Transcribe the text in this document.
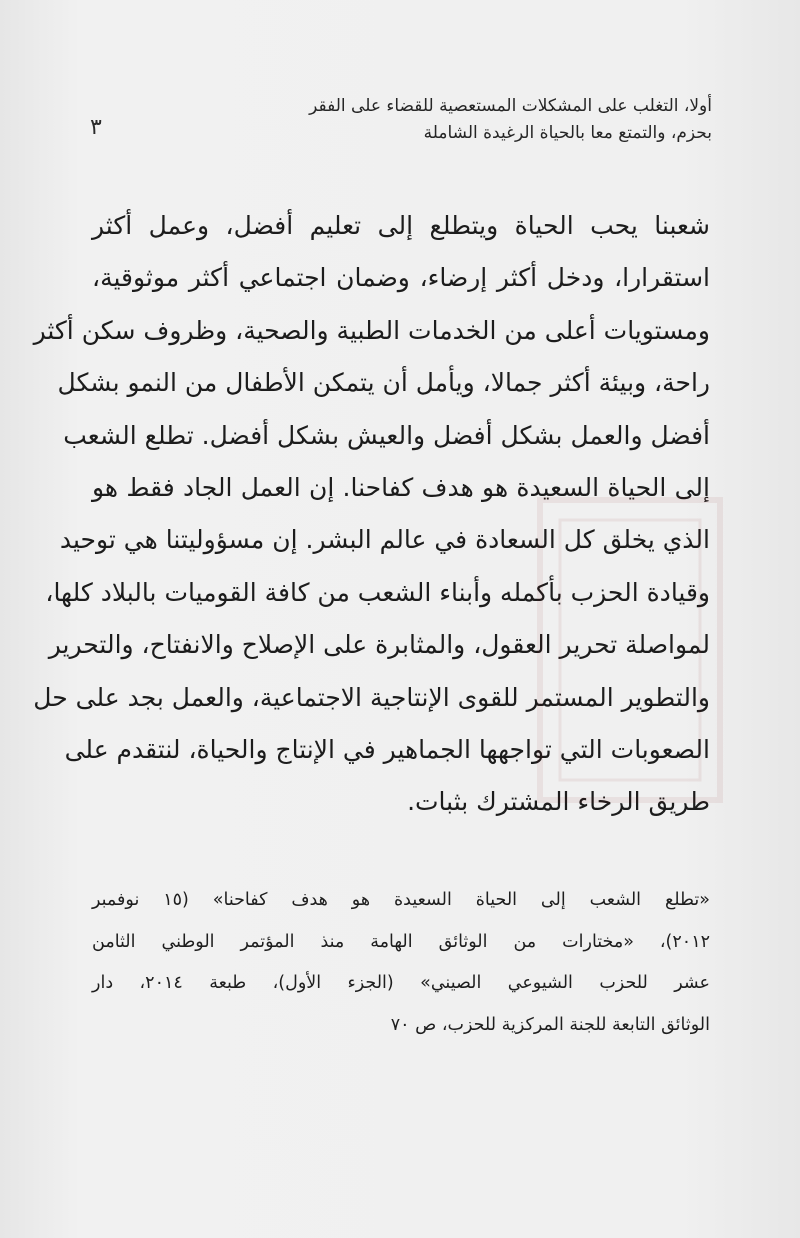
٣
أولا، التغلب على المشكلات المستعصية للقضاء على الفقر
بحزم، والتمتع معا بالحياة الرغيدة الشاملة
شعبنا يحب الحياة ويتطلع إلى تعليم أفضل، وعمل أكثر
استقرارا، ودخل أكثر إرضاء، وضمان اجتماعي أكثر موثوقية،
ومستويات أعلى من الخدمات الطبية والصحية، وظروف سكن أكثر
راحة، وبيئة أكثر جمالا، ويأمل أن يتمكن الأطفال من النمو بشكل
أفضل والعمل بشكل أفضل والعيش بشكل أفضل. تطلع الشعب
إلى الحياة السعيدة هو هدف كفاحنا. إن العمل الجاد فقط هو
الذي يخلق كل السعادة في عالم البشر. إن مسؤوليتنا هي توحيد
وقيادة الحزب بأكمله وأبناء الشعب من كافة القوميات بالبلاد كلها،
لمواصلة تحرير العقول، والمثابرة على الإصلاح والانفتاح، والتحرير
والتطوير المستمر للقوى الإنتاجية الاجتماعية، والعمل بجد على حل
الصعوبات التي تواجهها الجماهير في الإنتاج والحياة، لنتقدم على
طريق الرخاء المشترك بثبات.
«تطلع الشعب إلى الحياة السعيدة هو هدف كفاحنا» (١٥ نوفمبر
٢٠١٢)، «مختارات من الوثائق الهامة منذ المؤتمر الوطني الثامن
عشر للحزب الشيوعي الصيني» (الجزء الأول)، طبعة ٢٠١٤، دار
الوثائق التابعة للجنة المركزية للحزب، ص ٧٠
